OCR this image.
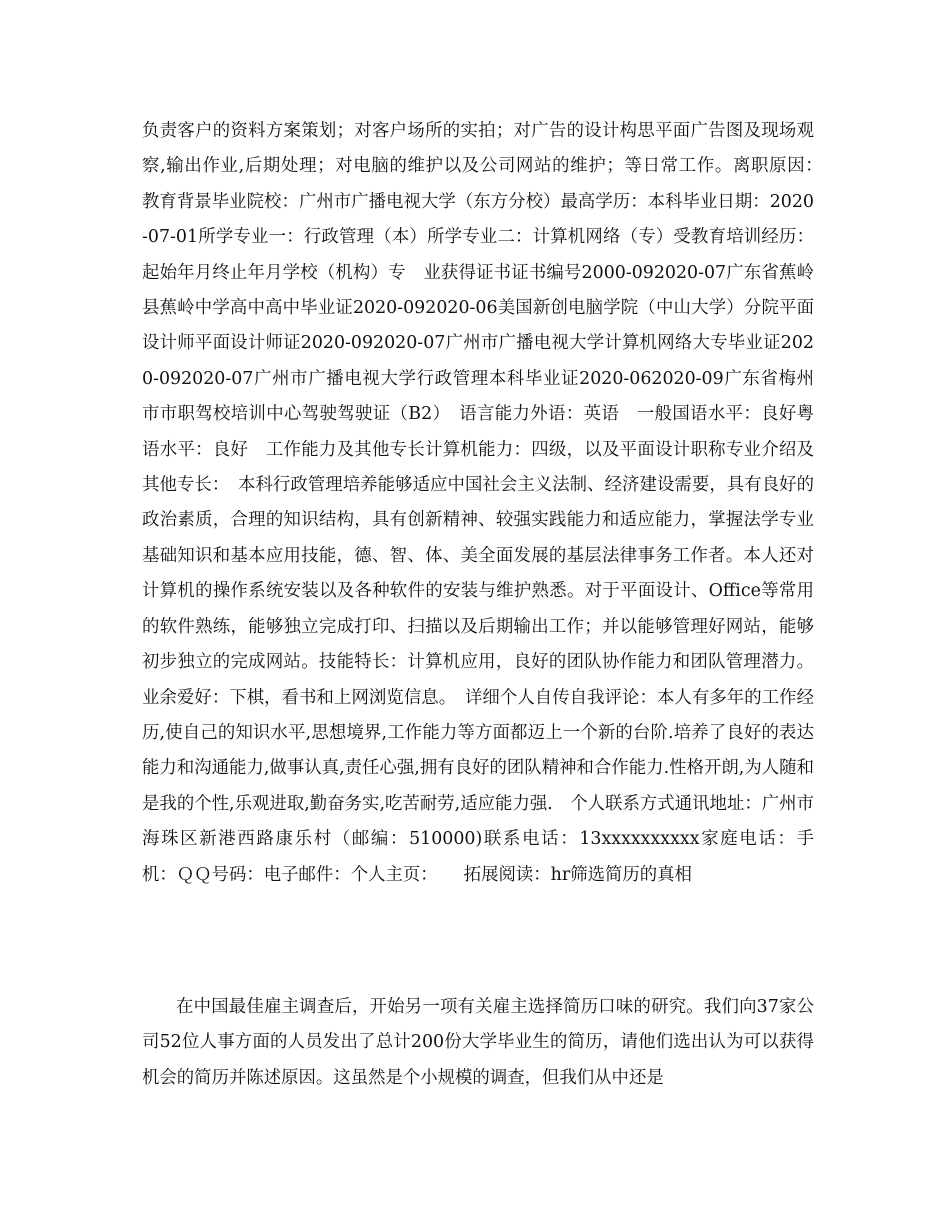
负责客户的资料方案策划；对客户场所的实拍；对广告的设计构思平面广告图及现场观察,输出作业,后期处理；对电脑的维护以及公司网站的维护；等日常工作。离职原因：　　教育背景毕业院校：广州市广播电视大学（东方分校）最高学历：本科毕业日期：2020-07-01所学专业一：行政管理（本）所学专业二：计算机网络（专）受教育培训经历：起始年月终止年月学校（机构）专　业获得证书证书编号2000-092020-07广东省蕉岭县蕉岭中学高中高中毕业证2020-092020-06美国新创电脑学院（中山大学）分院平面设计师平面设计师证2020-092020-07广州市广播电视大学计算机网络大专毕业证2020-092020-07广州市广播电视大学行政管理本科毕业证2020-062020-09广东省梅州市市职驾校培训中心驾驶驾驶证（B2）　语言能力外语：英语　一般国语水平：良好粤语水平：良好　工作能力及其他专长计算机能力：四级，以及平面设计职称专业介绍及其他专长：　本科行政管理培养能够适应中国社会主义法制、经济建设需要，具有良好的政治素质，合理的知识结构，具有创新精神、较强实践能力和适应能力，掌握法学专业基础知识和基本应用技能，德、智、体、美全面发展的基层法律事务工作者。本人还对计算机的操作系统安装以及各种软件的安装与维护熟悉。对于平面设计、Office等常用的软件熟练，能够独立完成打印、扫描以及后期输出工作；并以能够管理好网站，能够初步独立的完成网站。技能特长：计算机应用，良好的团队协作能力和团队管理潜力。业余爱好：下棋，看书和上网浏览信息。　详细个人自传自我评论：本人有多年的工作经历,使自己的知识水平,思想境界,工作能力等方面都迈上一个新的台阶.培养了良好的表达能力和沟通能力,做事认真,责任心强,拥有良好的团队精神和合作能力.性格开朗,为人随和是我的个性,乐观进取,勤奋务实,吃苦耐劳,适应能力强.　个人联系方式通讯地址：广州市海珠区新港西路康乐村（邮编：510000)联系电话：13xxxxxxxxxx家庭电话：手　　机：ＱＱ号码：电子邮件：个人主页：　　拓展阅读：hr筛选简历的真相
在中国最佳雇主调查后，开始另一项有关雇主选择简历口味的研究。我们向37家公司52位人事方面的人员发出了总计200份大学毕业生的简历，请他们选出认为可以获得机会的简历并陈述原因。这虽然是个小规模的调查，但我们从中还是
